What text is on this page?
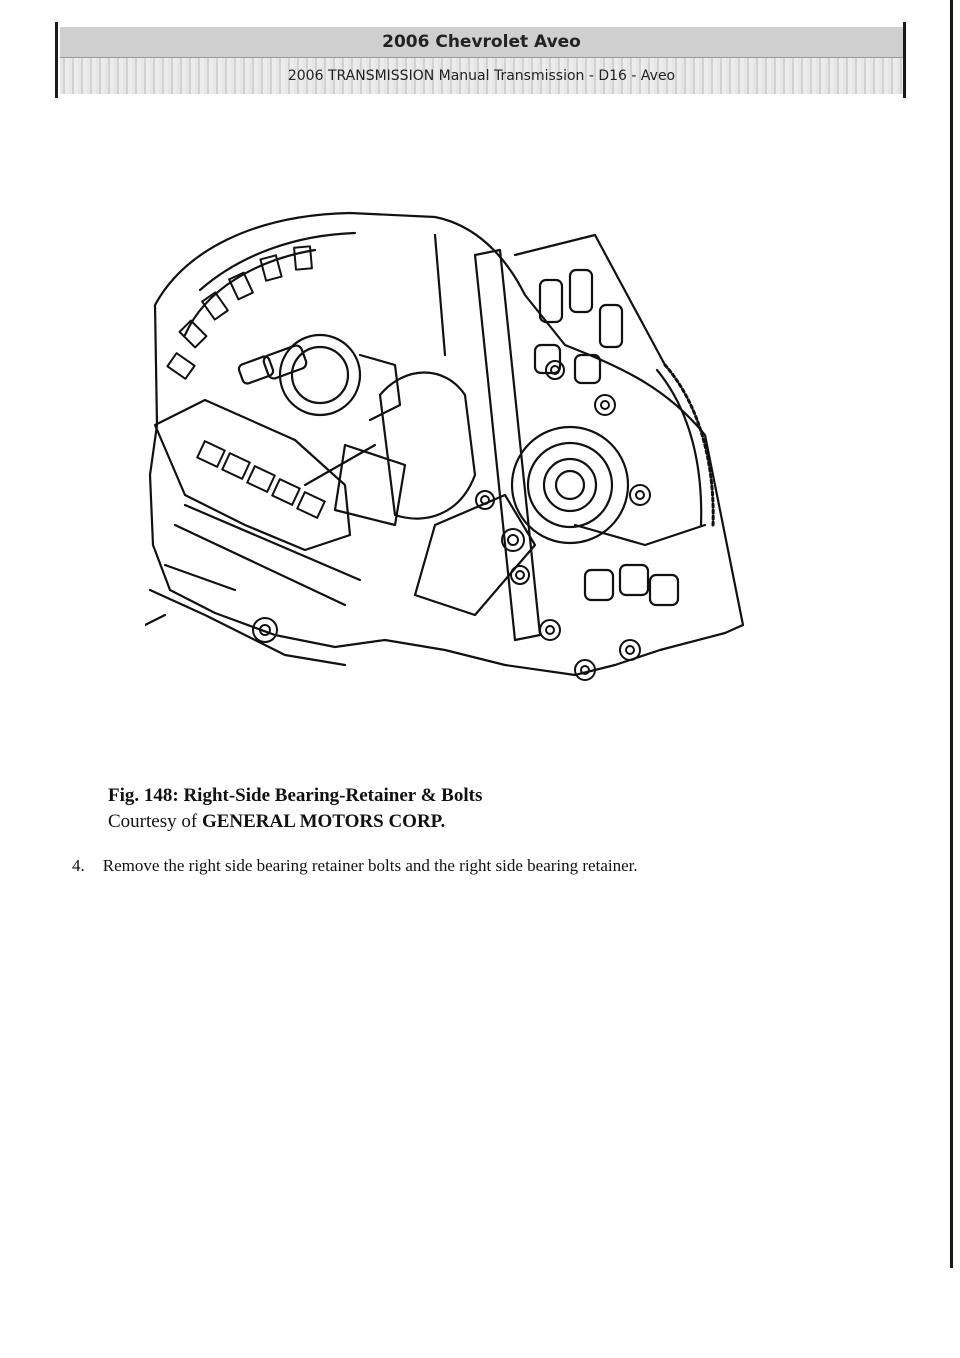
2006 Chevrolet Aveo
2006 TRANSMISSION Manual Transmission - D16 - Aveo
Fig. 148: Right-Side Bearing-Retainer & Bolts
Courtesy of GENERAL MOTORS CORP.
4. Remove the right side bearing retainer bolts and the right side bearing retainer.
